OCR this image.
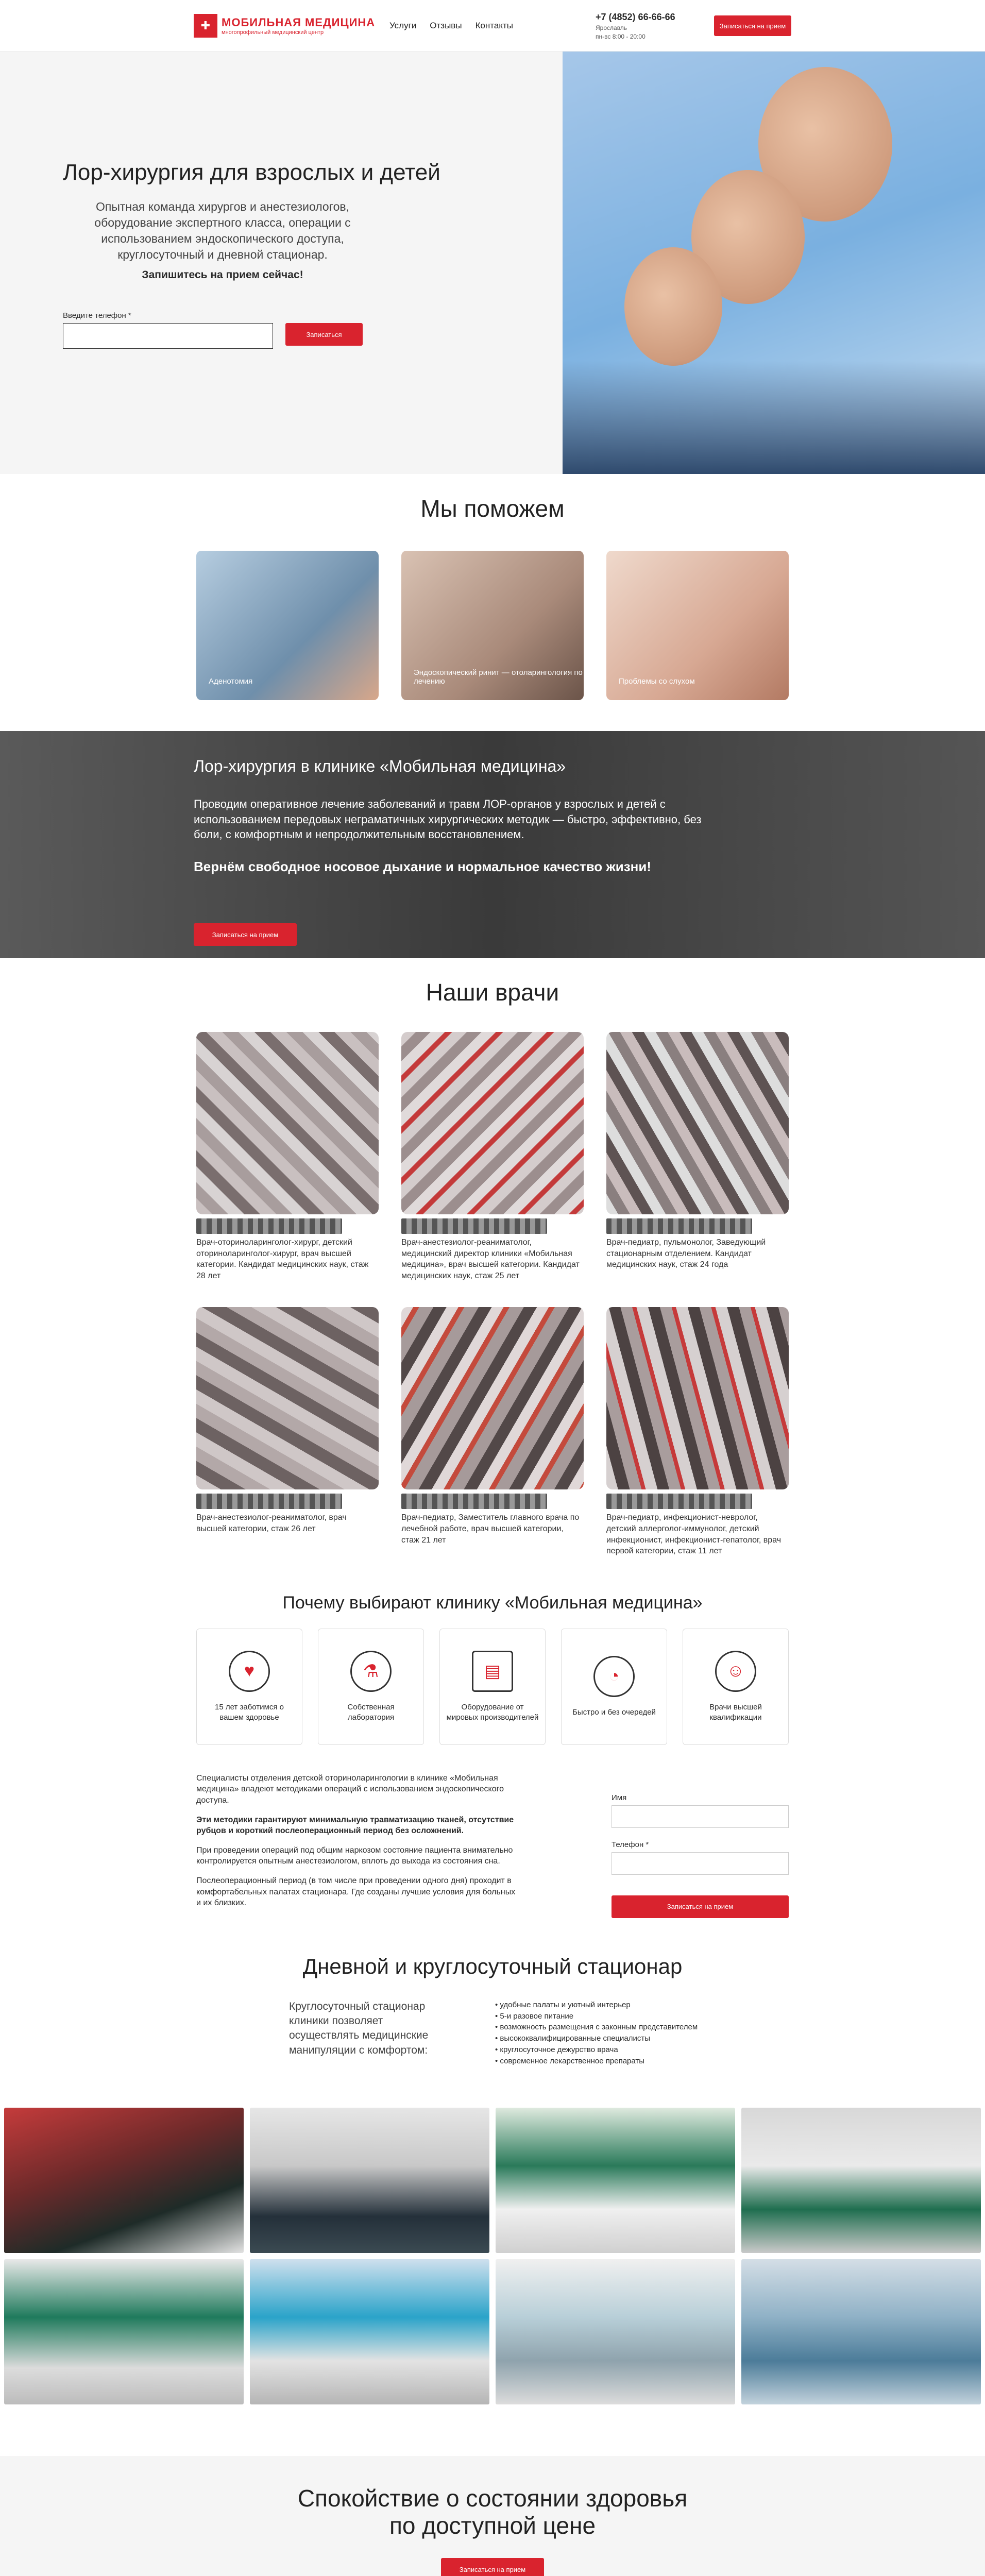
✚ МОБИЛЬНАЯ МЕДИЦИНА
многопрофильный медицинский центр
Услуги Отзывы Контакты
+7 (4852) 66-66-66
Ярославль
пн-вс 8:00 - 20:00
Записаться на прием
Лор-хирургия для взрослых и детей

Опытная команда хирургов и анестезиологов, оборудование экспертного класса, операции с использованием эндоскопического доступа, круглосуточный и дневной стационар.

Запишитесь на прием сейчас!

Введите телефон *
Записаться
Мы поможем
Аденотомия
Эндоскопический ринит — отоларингология по лечению	Проблемы со слухом
Лор-хирургия в клинике «Мобильная медицина»

Проводим оперативное лечение заболеваний и травм ЛОР-органов у взрослых и детей с использованием передовых неграматичных хирургических методик — быстро, эффективно, без боли, с комфортным и непродолжительным восстановлением.

Вернём свободное носовое дыхание и нормальное качество жизни!

Записаться на прием
Наши врачи
Врач-оториноларинголог-хирург, детский оториноларинголог-хирург, врач высшей категории. Кандидат медицинских наук, стаж 28 лет
Врач-анестезиолог-реаниматолог, медицинский директор клиники «Мобильная медицина», врач высшей категории. Кандидат медицинских наук, стаж 25 лет
Врач-педиатр, пульмонолог, Заведующий стационарным отделением. Кандидат медицинских наук, стаж 24 года
Врач-анестезиолог-реаниматолог, врач высшей категории, стаж 26 лет
Врач-педиатр, Заместитель главного врача по лечебной работе, врач высшей категории, стаж 21 лет
Врач-педиатр, инфекционист-невролог, детский аллерголог-иммунолог, детский инфекционист, инфекционист-гепатолог, врач первой категории, стаж 11 лет
Почему выбирают клинику «Мобильная медицина»
♥
15 лет заботимся о вашем здоровье
⚗
Собственная лаборатория
▤
Оборудование от мировых производителей
◔
Быстро и без очередей
☺
Врачи высшей квалификации

Специалисты отделения детской оториноларингологии в клинике «Мобильная медицина» владеют методиками операций с использованием эндоскопического доступа.

Эти методики гарантируют минимальную травматизацию тканей, отсутствие рубцов и короткий послеоперационный период без осложнений.

При проведении операций под общим наркозом состояние пациента внимательно контролируется опытным анестезиологом, вплоть до выхода из состояния сна.

Послеоперационный период (в том числе при проведении одного дня) проходит в комфортабельных палатах стационара. Где созданы лучшие условия для больных и их близких.

Имя
Телефон *
Записаться на прием
Дневной и круглосуточный стационар
Круглосуточный стационар клиники позволяет осуществлять медицинские манипуляции с комфортом:
• удобные палаты и уютный интерьер
• 5-и разовое питание
• возможность размещения с законным представителем
• высококвалифицированные специалисты
• круглосуточное дежурство врача
• современное лекарственное препараты
Спокойствие о состоянии здоровья по доступной цене
Записаться на прием
